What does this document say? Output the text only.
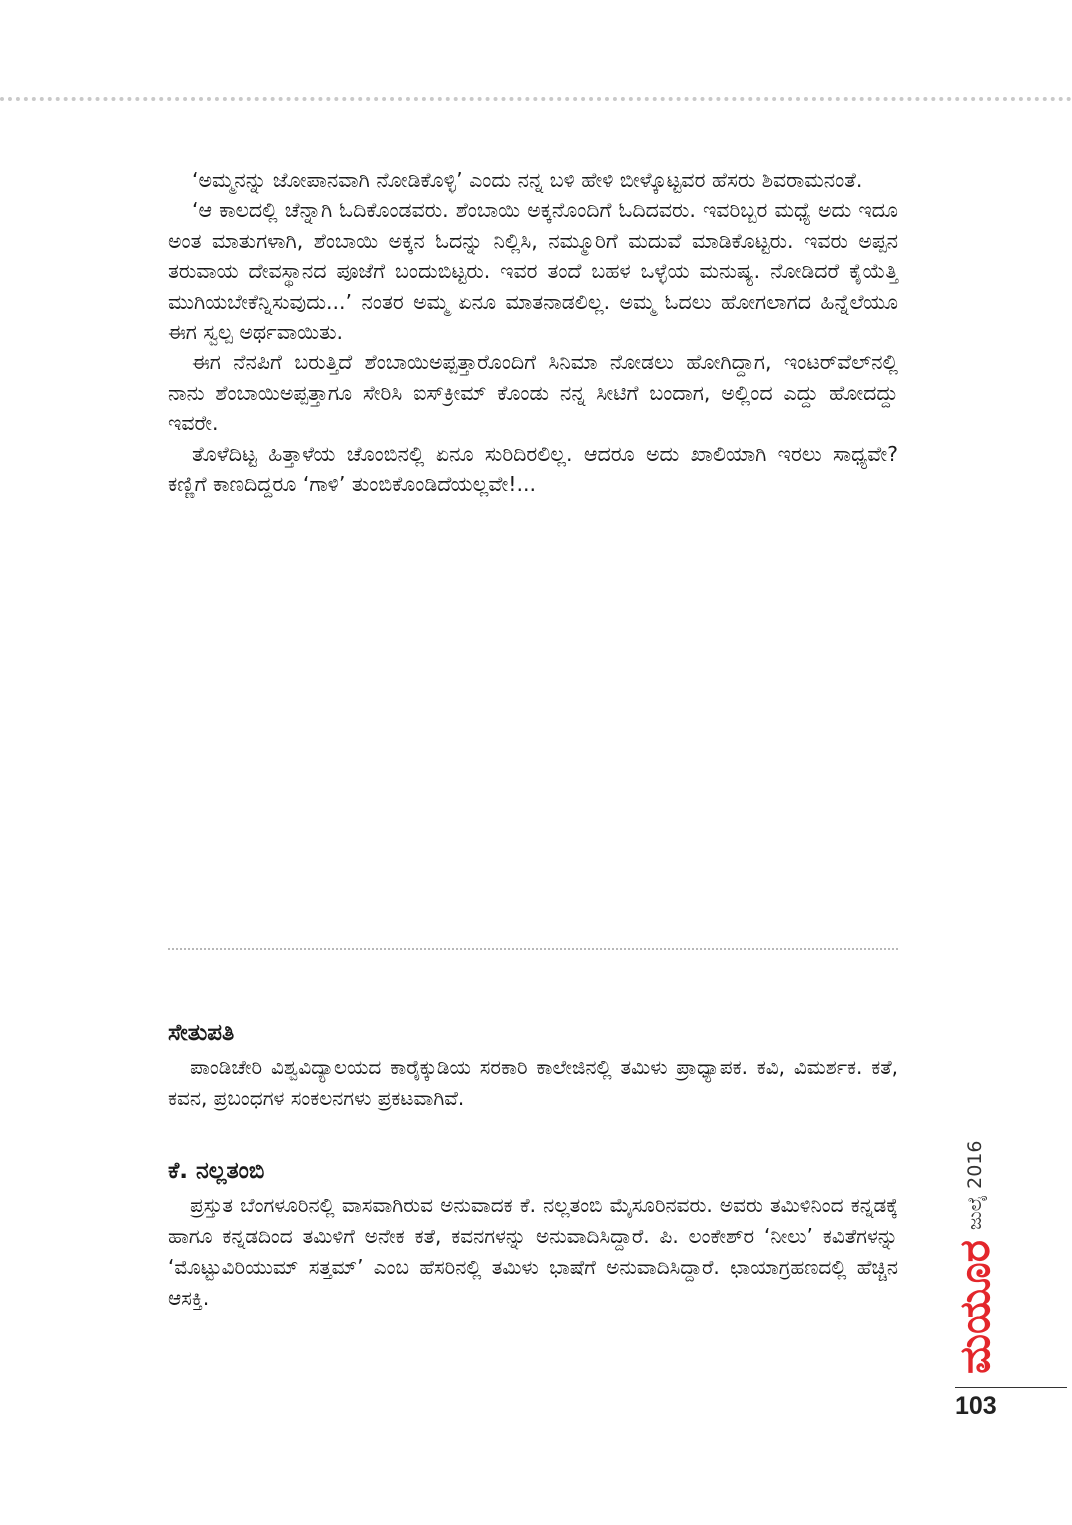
‘ಅಮ್ಮನನ್ನು ಜೋಪಾನವಾಗಿ ನೋಡಿಕೊಳ್ಳಿ’ ಎಂದು ನನ್ನ ಬಳಿ ಹೇಳಿ ಬೀಳ್ಕೊಟ್ಟವರ ಹೆಸರು ಶಿವರಾಮನಂತೆ.

‘ಆ ಕಾಲದಲ್ಲಿ ಚೆನ್ನಾಗಿ ಓದಿಕೊಂಡವರು. ಶೆಂಬಾಯಿ ಅಕ್ಕನೊಂದಿಗೆ ಓದಿದವರು. ಇವರಿಬ್ಬರ ಮಧ್ಯೆ ಅದು ಇದೂ ಅಂತ ಮಾತುಗಳಾಗಿ, ಶೆಂಬಾಯಿ ಅಕ್ಕನ ಓದನ್ನು ನಿಲ್ಲಿಸಿ, ನಮ್ಮೂರಿಗೆ ಮದುವೆ ಮಾಡಿಕೊಟ್ಟರು. ಇವರು ಅಪ್ಪನ ತರುವಾಯ ದೇವಸ್ಥಾನದ ಪೂಜೆಗೆ ಬಂದುಬಿಟ್ಟರು. ಇವರ ತಂದೆ ಬಹಳ ಒಳ್ಳೆಯ ಮನುಷ್ಯ. ನೋಡಿದರೆ ಕೈಯೆತ್ತಿ ಮುಗಿಯಬೇಕೆನ್ನಿಸುವುದು...’ ನಂತರ ಅಮ್ಮ ಏನೂ ಮಾತನಾಡಲಿಲ್ಲ. ಅಮ್ಮ ಓದಲು ಹೋಗಲಾಗದ ಹಿನ್ನೆಲೆಯೂ ಈಗ ಸ್ವಲ್ಪ ಅರ್ಥವಾಯಿತು.

ಈಗ ನೆನಪಿಗೆ ಬರುತ್ತಿದೆ ಶೆಂಬಾಯಿಅಪ್ಪತ್ತಾರೊಂದಿಗೆ ಸಿನಿಮಾ ನೋಡಲು ಹೋಗಿದ್ದಾಗ, ಇಂಟರ್‌ವೆಲ್‌ನಲ್ಲಿ ನಾನು ಶೆಂಬಾಯಿಅಪ್ಪತ್ತಾಗೂ ಸೇರಿಸಿ ಐಸ್‌ಕ್ರೀಮ್ ಕೊಂಡು ನನ್ನ ಸೀಟಿಗೆ ಬಂದಾಗ, ಅಲ್ಲಿಂದ ಎದ್ದು ಹೋದದ್ದು ಇವರೇ.

ತೊಳೆದಿಟ್ಟ ಹಿತ್ತಾಳೆಯ ಚೊಂಬಿನಲ್ಲಿ ಏನೂ ಸುರಿದಿರಲಿಲ್ಲ. ಆದರೂ ಅದು ಖಾಲಿಯಾಗಿ ಇರಲು ಸಾಧ್ಯವೇ? ಕಣ್ಣಿಗೆ ಕಾಣದಿದ್ದರೂ ‘ಗಾಳಿ’ ತುಂಬಿಕೊಂಡಿದೆಯಲ್ಲವೇ!...

ಸೇತುಪತಿ

ಪಾಂಡಿಚೇರಿ ವಿಶ್ವವಿದ್ಯಾಲಯದ ಕಾರೈಕ್ಕುಡಿಯ ಸರಕಾರಿ ಕಾಲೇಜಿನಲ್ಲಿ ತಮಿಳು ಪ್ರಾಧ್ಯಾಪಕ. ಕವಿ, ವಿಮರ್ಶಕ. ಕತೆ, ಕವನ, ಪ್ರಬಂಧಗಳ ಸಂಕಲನಗಳು ಪ್ರಕಟವಾಗಿವೆ.

ಕೆ. ನಲ್ಲತಂಬಿ

ಪ್ರಸ್ತುತ ಬೆಂಗಳೂರಿನಲ್ಲಿ ವಾಸವಾಗಿರುವ ಅನುವಾದಕ ಕೆ. ನಲ್ಲತಂಬಿ ಮೈಸೂರಿನವರು. ಅವರು ತಮಿಳಿನಿಂದ ಕನ್ನಡಕ್ಕೆ ಹಾಗೂ ಕನ್ನಡದಿಂದ ತಮಿಳಿಗೆ ಅನೇಕ ಕತೆ, ಕವನಗಳನ್ನು ಅನುವಾದಿಸಿದ್ದಾರೆ. ಪಿ. ಲಂಕೇಶ್‌ರ ‘ನೀಲು’ ಕವಿತೆಗಳನ್ನು ‘ಮೊಟ್ಟುವಿರಿಯುಮ್ ಸತ್ತಮ್’ ಎಂಬ ಹೆಸರಿನಲ್ಲಿ ತಮಿಳು ಭಾಷೆಗೆ ಅನುವಾದಿಸಿದ್ದಾರೆ. ಛಾಯಾಗ್ರಹಣದಲ್ಲಿ ಹೆಚ್ಚಿನ ಆಸಕ್ತಿ.

ಜುಲೈ 2016
ಮಯೂರ
103
